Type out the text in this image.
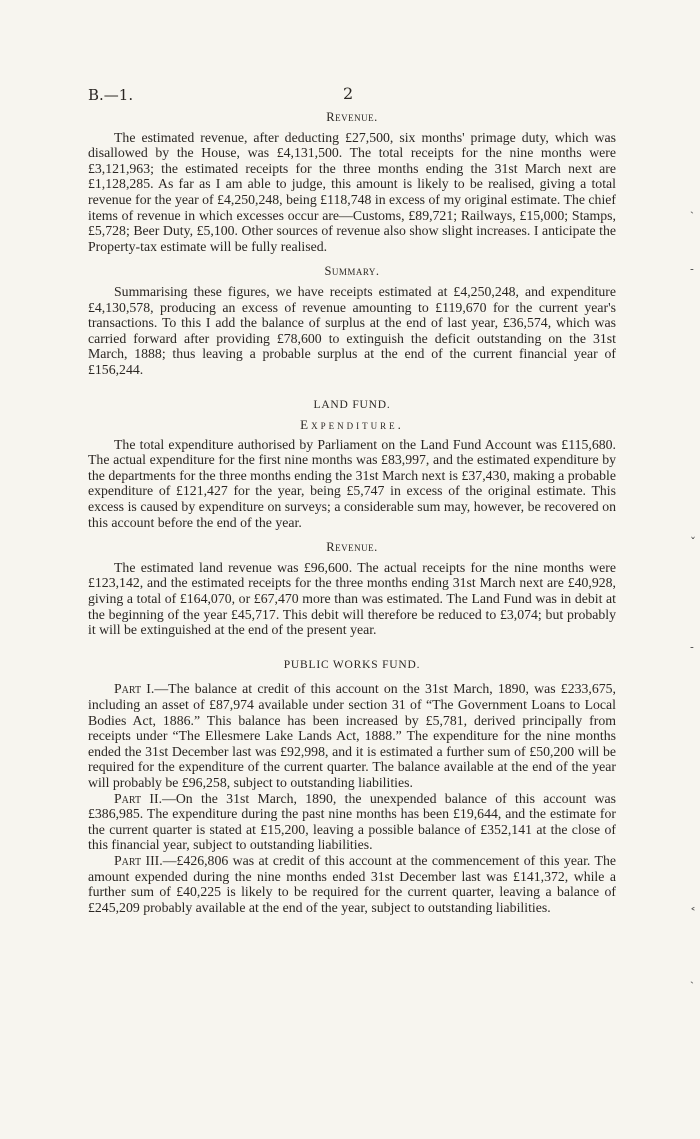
B.—1.	2
Revenue.

The estimated revenue, after deducting £27,500, six months' primage duty, which was disallowed by the House, was £4,131,500. The total receipts for the nine months were £3,121,963; the estimated receipts for the three months ending the 31st March next are £1,128,285. As far as I am able to judge, this amount is likely to be realised, giving a total revenue for the year of £4,250,248, being £118,748 in excess of my original estimate. The chief items of revenue in which excesses occur are—Customs, £89,721; Railways, £15,000; Stamps, £5,728; Beer Duty, £5,100. Other sources of revenue also show slight increases. I anticipate the Property-tax estimate will be fully realised.

Summary.

Summarising these figures, we have receipts estimated at £4,250,248, and expenditure £4,130,578, producing an excess of revenue amounting to £119,670 for the current year's transactions. To this I add the balance of surplus at the end of last year, £36,574, which was carried forward after providing £78,600 to extinguish the deficit outstanding on the 31st March, 1888; thus leaving a probable surplus at the end of the current financial year of £156,244.

LAND FUND.
Expenditure.

The total expenditure authorised by Parliament on the Land Fund Account was £115,680. The actual expenditure for the first nine months was £83,997, and the estimated expenditure by the departments for the three months ending the 31st March next is £37,430, making a probable expenditure of £121,427 for the year, being £5,747 in excess of the original estimate. This excess is caused by expenditure on surveys; a considerable sum may, however, be recovered on this account before the end of the year.

Revenue.

The estimated land revenue was £96,600. The actual receipts for the nine months were £123,142, and the estimated receipts for the three months ending 31st March next are £40,928, giving a total of £164,070, or £67,470 more than was estimated. The Land Fund was in debit at the beginning of the year £45,717. This debit will therefore be reduced to £3,074; but probably it will be extinguished at the end of the present year.

PUBLIC WORKS FUND.

Part I.—The balance at credit of this account on the 31st March, 1890, was £233,675, including an asset of £87,974 available under section 31 of “The Government Loans to Local Bodies Act, 1886.” This balance has been increased by £5,781, derived principally from receipts under “The Ellesmere Lake Lands Act, 1888.” The expenditure for the nine months ended the 31st December last was £92,998, and it is estimated a further sum of £50,200 will be required for the expenditure of the current quarter. The balance available at the end of the year will probably be £96,258, subject to outstanding liabilities.

Part II.—On the 31st March, 1890, the unexpended balance of this account was £386,985. The expenditure during the past nine months has been £19,644, and the estimate for the current quarter is stated at £15,200, leaving a possible balance of £352,141 at the close of this financial year, subject to outstanding liabilities.

Part III.—£426,806 was at credit of this account at the commencement of this year. The amount expended during the nine months ended 31st December last was £141,372, while a further sum of £40,225 is likely to be required for the current quarter, leaving a balance of £245,209 probably available at the end of the year, subject to outstanding liabilities.

ˏ
˗
˯
˗
˂
ˏ
